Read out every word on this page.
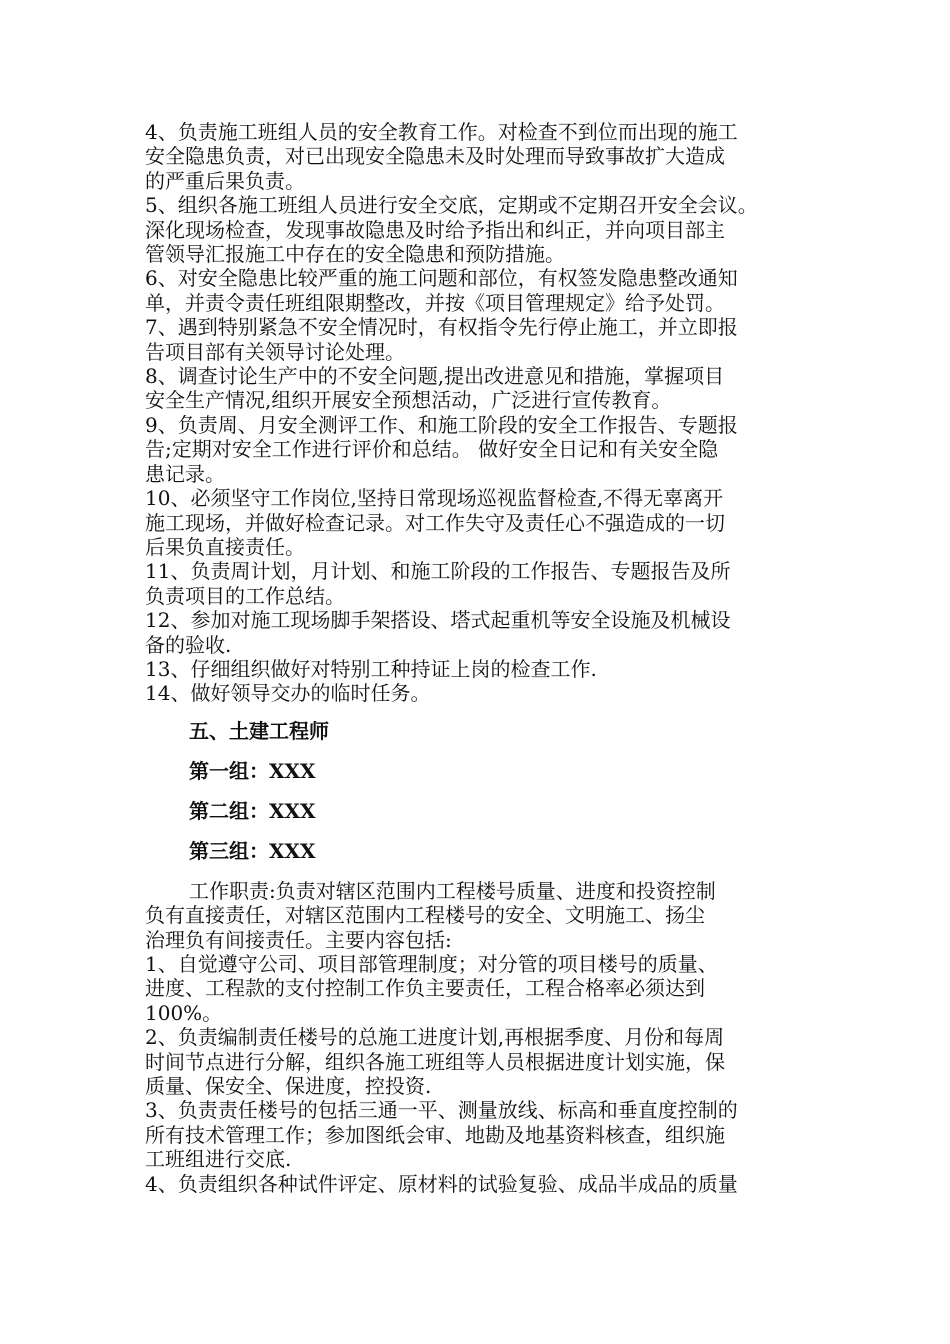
4、负责施工班组人员的安全教育工作。对检查不到位而出现的施工
安全隐患负责，对已出现安全隐患未及时处理而导致事故扩大造成
的严重后果负责。
5、组织各施工班组人员进行安全交底，定期或不定期召开安全会议。
深化现场检查，发现事故隐患及时给予指出和纠正，并向项目部主
管领导汇报施工中存在的安全隐患和预防措施。
6、对安全隐患比较严重的施工问题和部位，有权签发隐患整改通知
单，并责令责任班组限期整改，并按《项目管理规定》给予处罚。
7、遇到特别紧急不安全情况时，有权指令先行停止施工，并立即报
告项目部有关领导讨论处理。
8、调查讨论生产中的不安全问题,提出改进意见和措施，掌握项目
安全生产情况,组织开展安全预想活动，广泛进行宣传教育。
9、负责周、月安全测评工作、和施工阶段的安全工作报告、专题报
告;定期对安全工作进行评价和总结。 做好安全日记和有关安全隐
患记录。
10、必须坚守工作岗位,坚持日常现场巡视监督检查,不得无辜离开
施工现场，并做好检查记录。对工作失守及责任心不强造成的一切
后果负直接责任。
11、负责周计划，月计划、和施工阶段的工作报告、专题报告及所
负责项目的工作总结。
12、参加对施工现场脚手架搭设、塔式起重机等安全设施及机械设
备的验收.
13、仔细组织做好对特别工种持证上岗的检查工作.
14、做好领导交办的临时任务。
五、土建工程师
第一组：XXX
第二组：XXX
第三组：XXX
工作职责:负责对辖区范围内工程楼号质量、进度和投资控制
负有直接责任，对辖区范围内工程楼号的安全、文明施工、扬尘
治理负有间接责任。主要内容包括:
1、自觉遵守公司、项目部管理制度；对分管的项目楼号的质量、
进度、工程款的支付控制工作负主要责任，工程合格率必须达到
100%。
2、负责编制责任楼号的总施工进度计划,再根据季度、月份和每周
时间节点进行分解，组织各施工班组等人员根据进度计划实施，保
质量、保安全、保进度，控投资.
3、负责责任楼号的包括三通一平、测量放线、标高和垂直度控制的
所有技术管理工作；参加图纸会审、地勘及地基资料核查，组织施
工班组进行交底.
4、负责组织各种试件评定、原材料的试验复验、成品半成品的质量
